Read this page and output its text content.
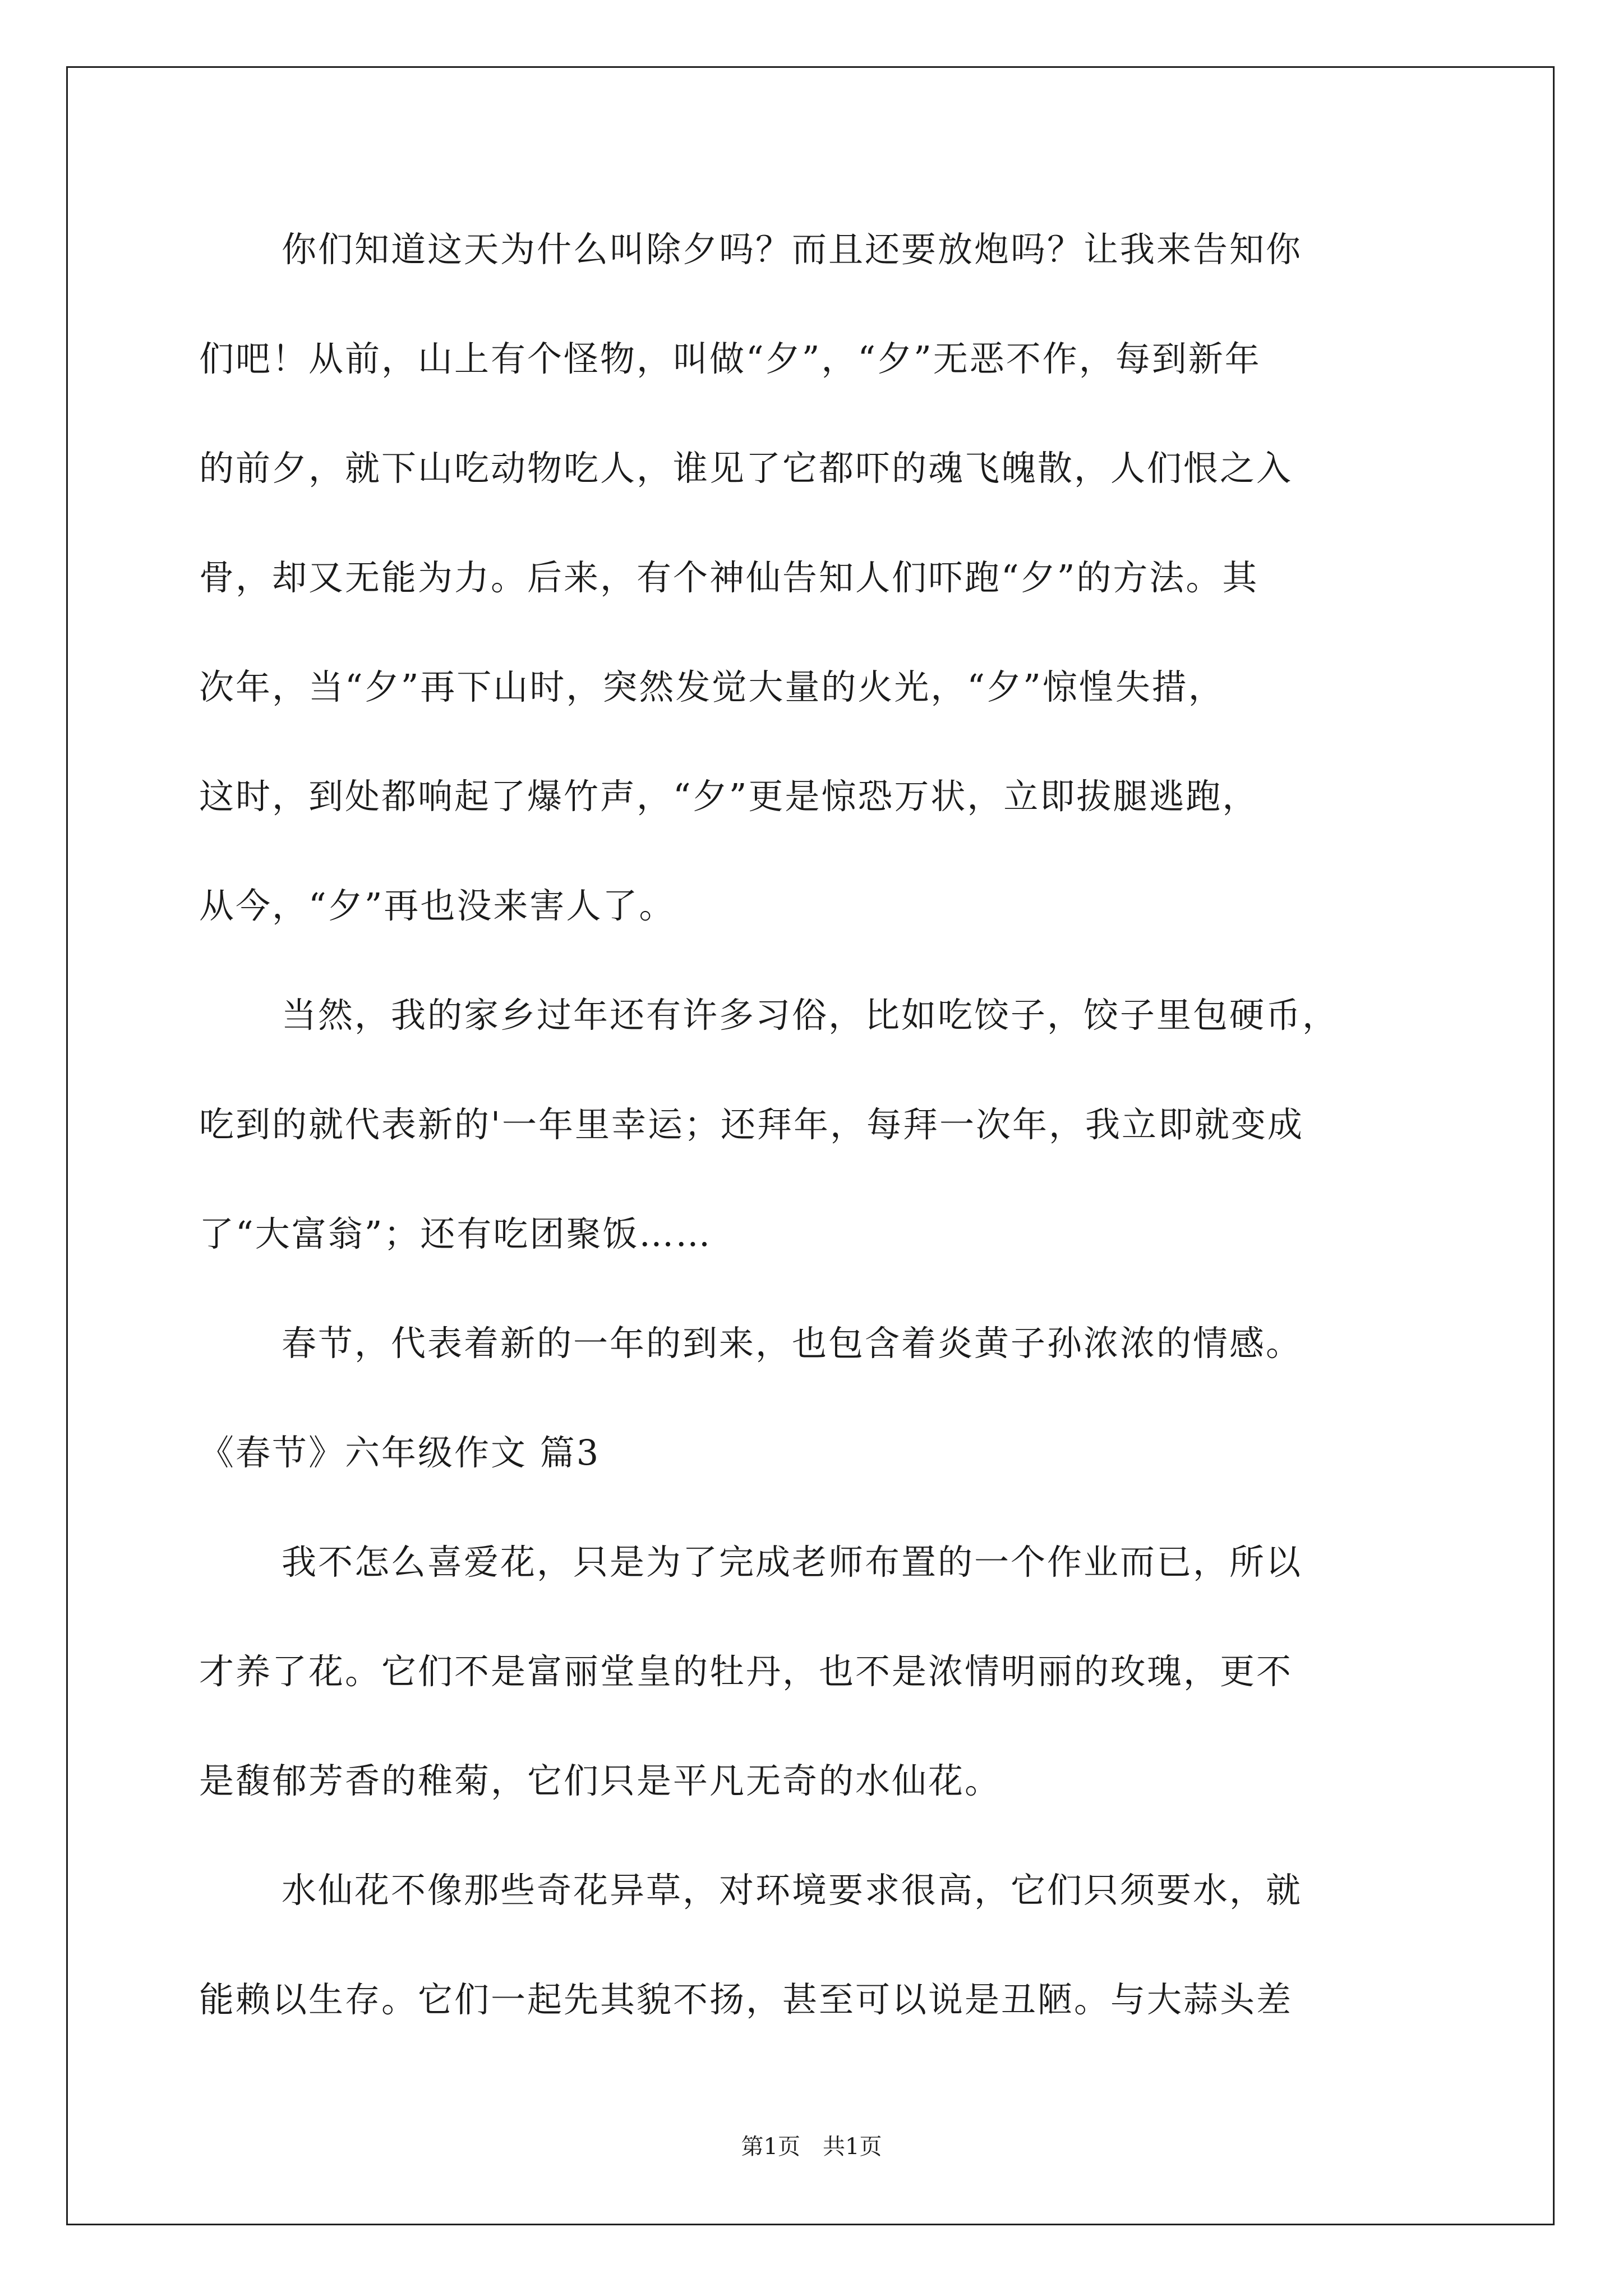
你们知道这天为什么叫除夕吗？而且还要放炮吗？让我来告知你
们吧！从前，山上有个怪物，叫做“夕”，“夕”无恶不作，每到新年
的前夕，就下山吃动物吃人，谁见了它都吓的魂飞魄散，人们恨之入
骨，却又无能为力。后来，有个神仙告知人们吓跑“夕”的方法。其
次年，当“夕”再下山时，突然发觉大量的火光，“夕”惊惶失措，
这时，到处都响起了爆竹声，“夕”更是惊恐万状，立即拔腿逃跑，
从今，“夕”再也没来害人了。
当然，我的家乡过年还有许多习俗，比如吃饺子，饺子里包硬币，
吃到的就代表新的'一年里幸运；还拜年，每拜一次年，我立即就变成
了“大富翁”；还有吃团聚饭……
春节，代表着新的一年的到来，也包含着炎黄子孙浓浓的情感。
《春节》六年级作文 篇3
我不怎么喜爱花，只是为了完成老师布置的一个作业而已，所以
才养了花。它们不是富丽堂皇的牡丹，也不是浓情明丽的玫瑰，更不
是馥郁芳香的稚菊，它们只是平凡无奇的水仙花。
水仙花不像那些奇花异草，对环境要求很高，它们只须要水，就
能赖以生存。它们一起先其貌不扬，甚至可以说是丑陋。与大蒜头差
第1页　共1页
